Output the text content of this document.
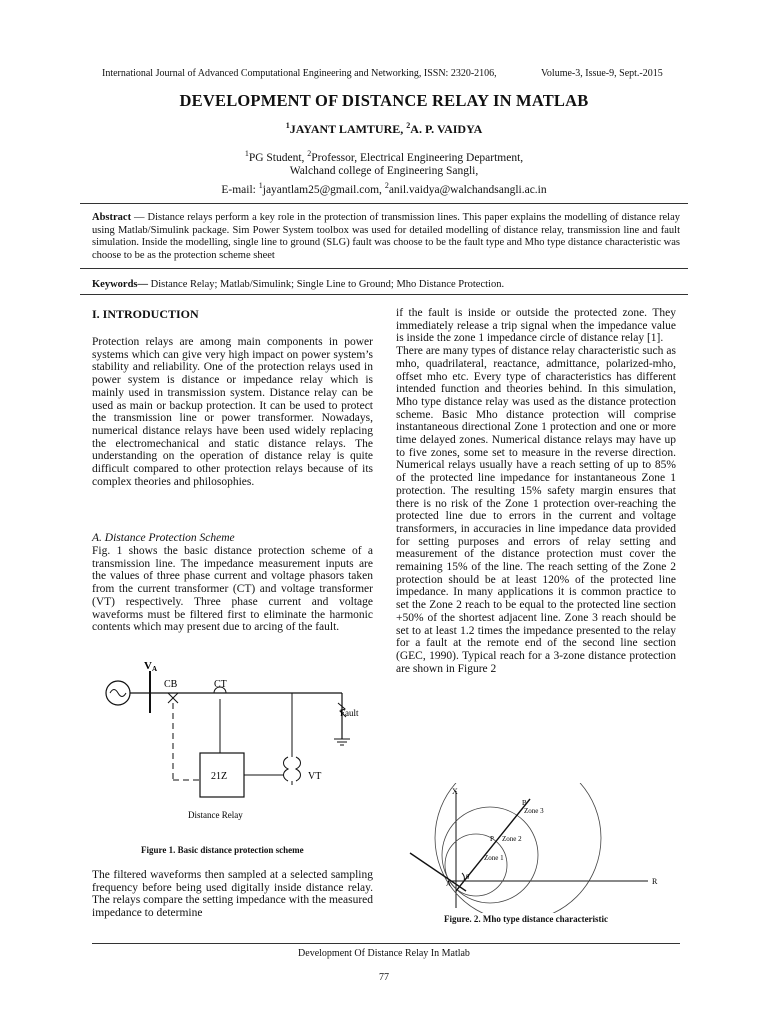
International Journal of Advanced Computational Engineering and Networking, ISSN: 2320-2106,	Volume-3, Issue-9, Sept.-2015
DEVELOPMENT OF DISTANCE RELAY IN MATLAB
$^1$JAYANT LAMTURE, $^2$A. P. VAIDYA
$^1$PG Student, $^2$Professor, Electrical Engineering Department,
Walchand college of Engineering Sangli,
E-mail: $^1$jayantlam25@gmail.com, $^2$anil.vaidya@walchandsangli.ac.in
Abstract — Distance relays perform a key role in the protection of transmission lines. This paper explains the modelling of distance relay using Matlab/Simulink package. Sim Power System toolbox was used for detailed modelling of distance relay, transmission line and fault simulation. Inside the modelling, single line to ground (SLG) fault was choose to be the fault type and Mho type distance characteristic was choose to be as the protection scheme sheet
Keywords— Distance Relay; Matlab/Simulink; Single Line to Ground; Mho Distance Protection.
I. INTRODUCTION

Protection relays are among main components in power systems which can give very high impact on power system’s stability and reliability. One of the protection relays used in power system is distance or impedance relay which is mainly used in transmission system. Distance relay can be used as main or backup protection. It can be used to protect the transmission line or power transformer. Nowadays, numerical distance relays have been used widely replacing the electromechanical and static distance relays. The understanding on the operation of distance relay is quite difficult compared to other protection relays because of its complex theories and philosophies.

A. Distance Protection Scheme

Fig. 1 shows the basic distance protection scheme of a transmission line. The impedance measurement inputs are the values of three phase current and voltage phasors taken from the current transformer (CT) and voltage transformer (VT) respectively. Three phase current and voltage waveforms must be filtered first to eliminate the harmonic contents which may present due to arcing of the fault.

VA
CB	CT
21Z
Distance Relay
VT
Fault
Figure 1. Basic distance protection scheme

The filtered waveforms then sampled at a selected sampling frequency before being used digitally inside distance relay. The relays compare the setting impedance with the measured impedance to determine

if the fault is inside or outside the protected zone. They immediately release a trip signal when the impedance value is inside the zone 1 impedance circle of distance relay [1].

There are many types of distance relay characteristic such as mho, quadrilateral, reactance, admittance, polarized-mho, offset mho etc. Every type of characteristics has different intended function and theories behind. In this simulation, Mho type distance relay was used as the distance protection scheme. Basic Mho distance protection will comprise instantaneous directional Zone 1 protection and one or more time delayed zones. Numerical distance relays may have up to five zones, some set to measure in the reverse direction. Numerical relays usually have a reach setting of up to 85% of the protected line impedance for instantaneous Zone 1 protection. The resulting 15% safety margin ensures that there is no risk of the Zone 1 protection over-reaching the protected line due to errors in the current and voltage transformers, in accuracies in line impedance data provided for setting purposes and errors of relay setting and measurement of the distance protection must cover the remaining 15% of the line. The reach setting of the Zone 2 protection should be at least 120% of the protected line impedance. In many applications it is common practice to set the Zone 2 reach to be equal to the protected line section +50% of the shortest adjacent line. Zone 3 reach should be set to at least 1.2 times the impedance presented to the relay for a fault at the remote end of the second line section (GEC, 1990). Typical reach for a 3-zone distance protection are shown in Figure 2

X
R
B
P
A
θ
Zone 1
Zone 2
Zone 3
Figure. 2. Mho type distance characteristic
Development Of Distance Relay In Matlab
77
